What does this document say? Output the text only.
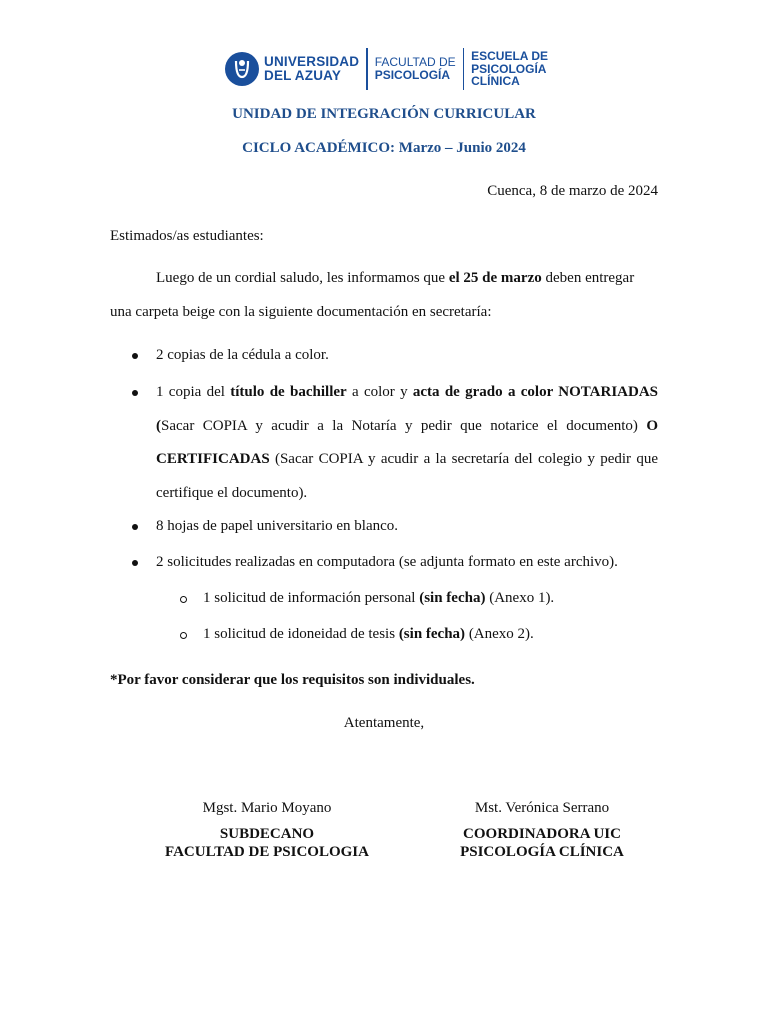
UNIVERSIDAD
DEL AZUAY
FACULTAD DE
PSICOLOGÍA
ESCUELA DE
PSICOLOGÍA
CLÍNICA
UNIDAD DE INTEGRACIÓN CURRICULAR
CICLO ACADÉMICO: Marzo – Junio 2024
Cuenca, 8 de marzo de 2024
Estimados/as estudiantes:
Luego de un cordial saludo, les informamos que el 25 de marzo deben entregar
una carpeta beige con la siguiente documentación en secretaría:
2 copias de la cédula a color.
1 copia del título de bachiller a color y acta de grado a color NOTARIADAS
(Sacar COPIA y acudir a la Notaría y pedir que notarice el documento) O
CERTIFICADAS (Sacar COPIA y acudir a la secretaría del colegio y pedir que
certifique el documento).
8 hojas de papel universitario en blanco.
2 solicitudes realizadas en computadora (se adjunta formato en este archivo).
1 solicitud de información personal (sin fecha) (Anexo 1).
1 solicitud de idoneidad de tesis (sin fecha) (Anexo 2).
*Por favor considerar que los requisitos son individuales.
Atentamente,
Mgst. Mario Moyano
SUBDECANO
FACULTAD DE PSICOLOGIA
Mst. Verónica Serrano
COORDINADORA UIC
PSICOLOGÍA CLÍNICA
